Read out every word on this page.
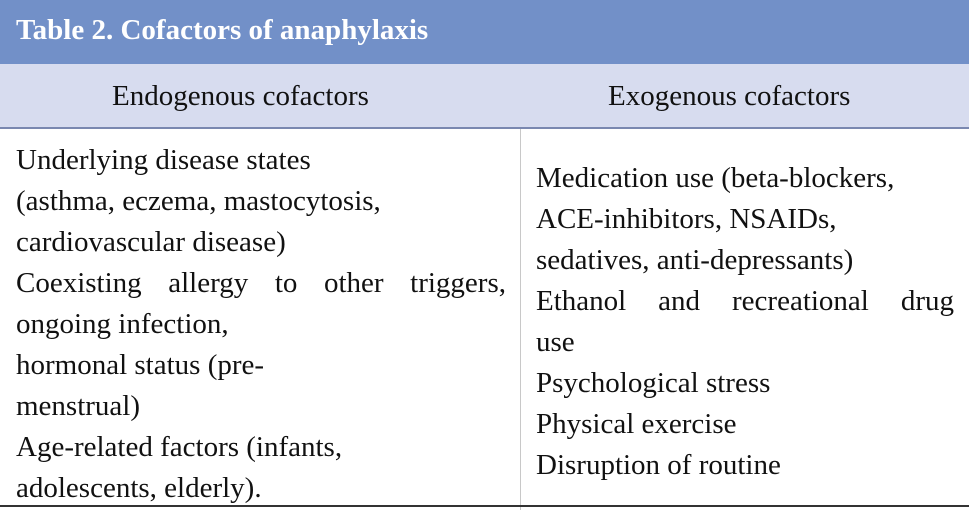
Table 2. Cofactors of anaphylaxis
Endogenous cofactors	Exogenous cofactors
Underlying disease states
(asthma, eczema, mastocytosis,
cardiovascular disease)
Coexisting allergy to other triggers,
ongoing infection,
hormonal status (pre-
menstrual)
Age-related factors (infants,
adolescents, elderly).
Medication use (beta-blockers,
ACE-inhibitors, NSAIDs,
sedatives, anti-depressants)
Ethanol and recreational drug
use
Psychological stress
Physical exercise
Disruption of routine
